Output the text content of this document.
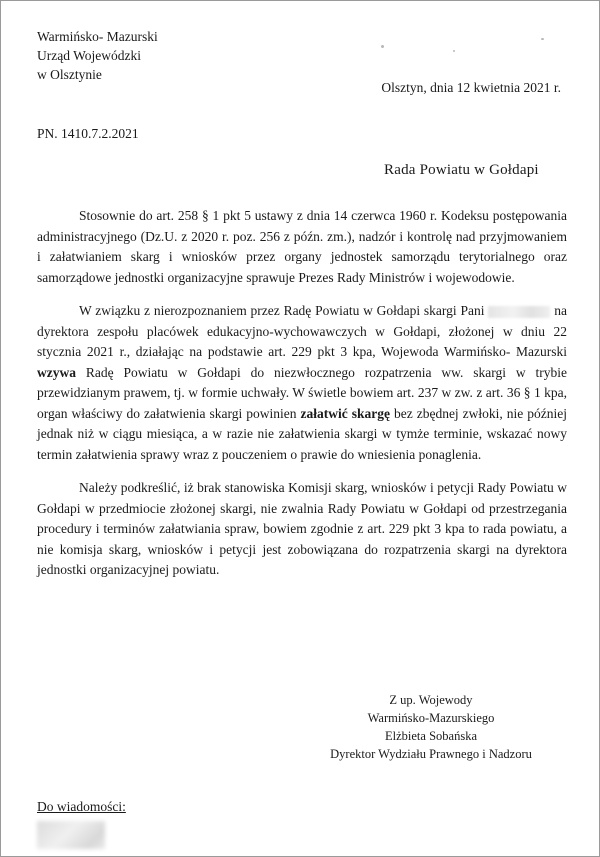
Warmińsko- Mazurski
Urząd Wojewódzki
w Olsztynie
Olsztyn, dnia 12 kwietnia 2021 r.
PN. 1410.7.2.2021
Rada Powiatu w Gołdapi

Stosownie do art. 258 § 1 pkt 5 ustawy z dnia 14 czerwca 1960 r. Kodeksu postępowania administracyjnego (Dz.U. z 2020 r. poz. 256 z późn. zm.), nadzór i kontrolę nad przyjmowaniem i załatwianiem skarg i wniosków przez organy jednostek samorządu terytorialnego oraz samorządowe jednostki organizacyjne sprawuje Prezes Rady Ministrów i wojewodowie.

W związku z nierozpoznaniem przez Radę Powiatu w Gołdapi skargi Pani	na dyrektora zespołu placówek edukacyjno-wychowawczych w Gołdapi, złożonej w dniu 22 stycznia 2021 r., działając na podstawie art. 229 pkt 3 kpa, Wojewoda Warmińsko- Mazurski wzywa Radę Powiatu w Gołdapi do niezwłocznego rozpatrzenia ww. skargi w trybie przewidzianym prawem, tj. w formie uchwały. W świetle bowiem art. 237 w zw. z art. 36 § 1 kpa, organ właściwy do załatwienia skargi powinien załatwić skargę bez zbędnej zwłoki, nie później jednak niż w ciągu miesiąca, a w razie nie załatwienia skargi w tymże terminie, wskazać nowy termin załatwienia sprawy wraz z pouczeniem o prawie do wniesienia ponaglenia.

Należy podkreślić, iż brak stanowiska Komisji skarg, wniosków i petycji Rady Powiatu w Gołdapi w przedmiocie złożonej skargi, nie zwalnia Rady Powiatu w Gołdapi od przestrzegania procedury i terminów załatwiania spraw, bowiem zgodnie z art. 229 pkt 3 kpa to rada powiatu, a nie komisja skarg, wniosków i petycji jest zobowiązana do rozpatrzenia skargi na dyrektora jednostki organizacyjnej powiatu.

Z up. Wojewody
Warmińsko-Mazurskiego
Elżbieta Sobańska
Dyrektor Wydziału Prawnego i Nadzoru
Do wiadomości:
